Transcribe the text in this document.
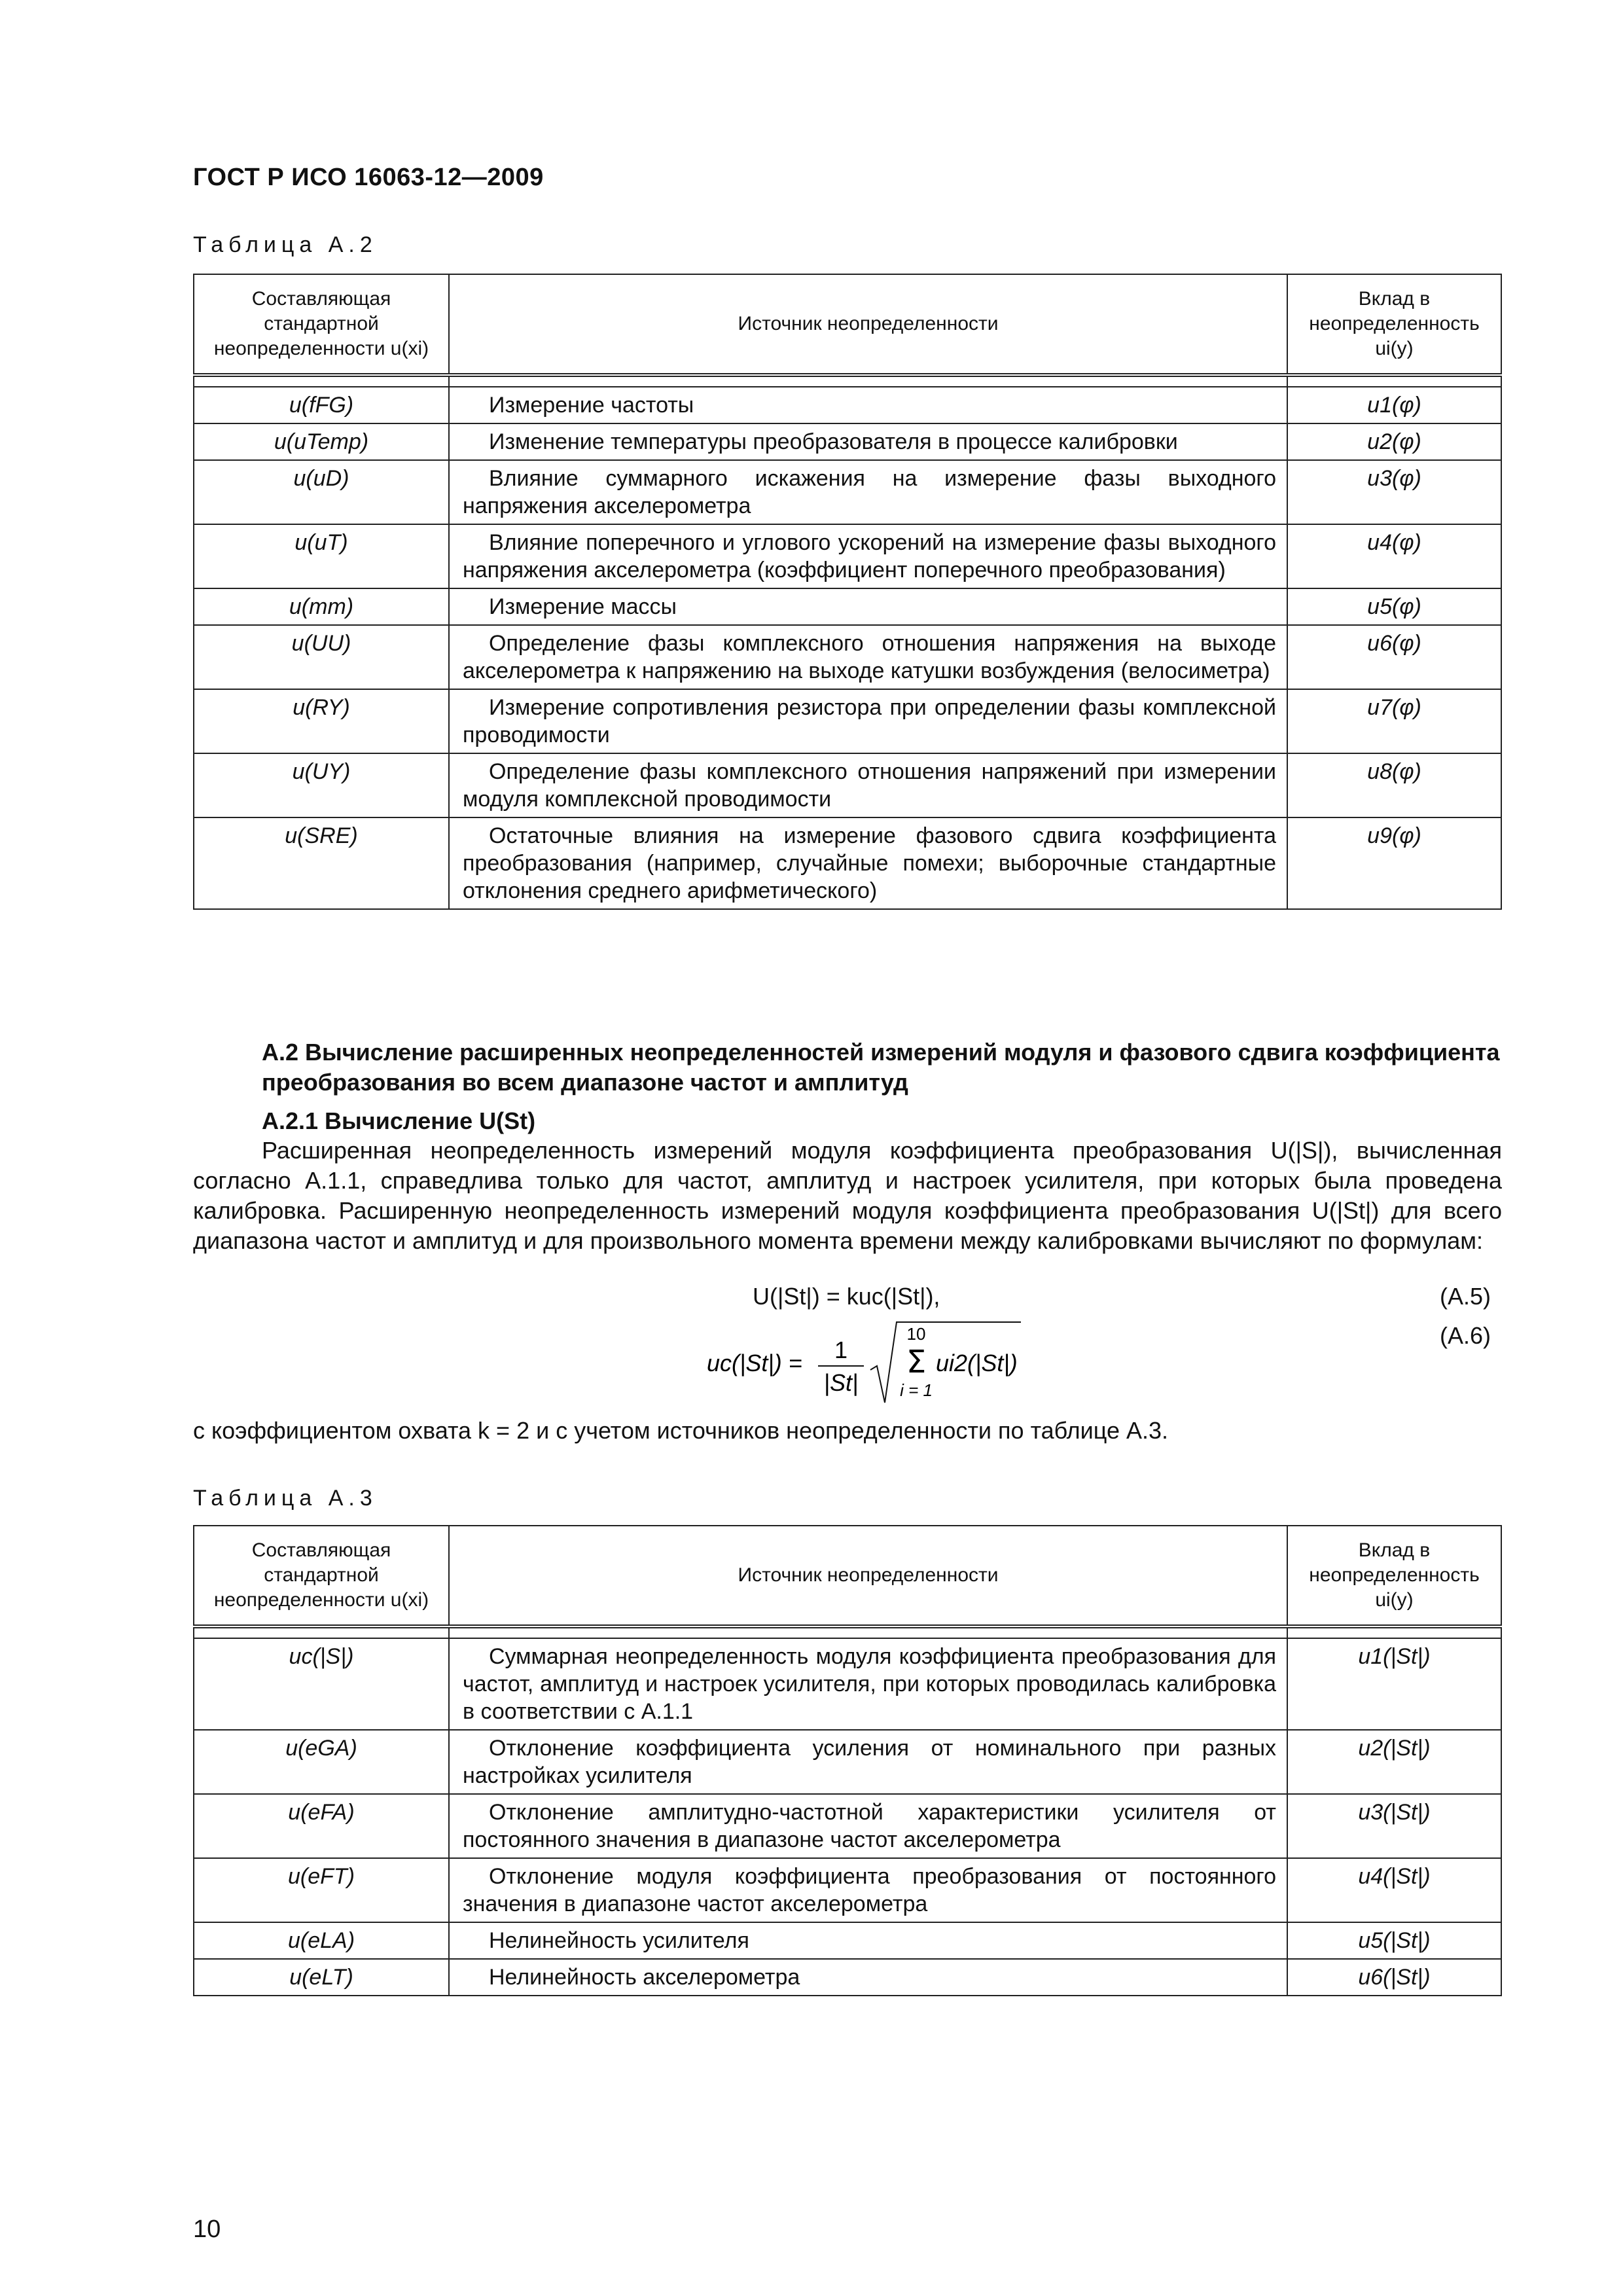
ГОСТ Р ИСО 16063-12—2009
Таблица А.2
Составляющая стандартной неопределенности u(xi)	Источник неопределенности	Вклад в неопределенность ui(y)

u(fFG)	Измерение частоты	u1(φ)
u(uTemp)	Изменение температуры преобразователя в процессе калибровки	u2(φ)
u(uD)	Влияние суммарного искажения на измерение фазы выходного напряжения акселерометра	u3(φ)
u(uT)	Влияние поперечного и углового ускорений на измерение фазы выходного напряжения акселерометра (коэффициент поперечного преобразования)	u4(φ)
u(mm)	Измерение массы	u5(φ)
u(UU)	Определение фазы комплексного отношения напряжения на выходе акселерометра к напряжению на выходе катушки возбуждения (велосиметра)	u6(φ)
u(RY)	Измерение сопротивления резистора при определении фазы комплексной проводимости	u7(φ)
u(UY)	Определение фазы комплексного отношения напряжений при измерении модуля комплексной проводимости	u8(φ)
u(SRE)	Остаточные влияния на измерение фазового сдвига коэффициента преобразования (например, случайные помехи; выборочные стандартные отклонения среднего арифметического)	u9(φ)
А.2 Вычисление расширенных неопределенностей измерений модуля и фазового сдвига коэффициента преобразования во всем диапазоне частот и амплитуд
А.2.1 Вычисление U(St)
Расширенная неопределенность измерений модуля коэффициента преобразования U(|S|), вычисленная согласно А.1.1, справедлива только для частот, амплитуд и настроек усилителя, при которых была проведена калибровка. Расширенную неопределенность измерений модуля коэффициента преобразования U(|St|) для всего диапазона частот и амплитуд и для произвольного момента времени между калибровками вычисляют по формулам:
U(|St|) = kuc(|St|),	(А.5)
(А.6)
uc(|St|) = 1
|St|
10
Σ
i = 1
ui2(|St|)
с коэффициентом охвата k = 2 и с учетом источников неопределенности по таблице А.3.
Таблица А.3
Составляющая стандартной неопределенности u(xi)	Источник неопределенности	Вклад в неопределенность ui(y)

uc(|S|)	Суммарная неопределенность модуля коэффициента преобразования для частот, амплитуд и настроек усилителя, при которых проводилась калибровка в соответствии с А.1.1	u1(|St|)
u(eGA)	Отклонение коэффициента усиления от номинального при разных настройках усилителя	u2(|St|)
u(eFA)	Отклонение амплитудно-частотной характеристики усилителя от постоянного значения в диапазоне частот акселерометра	u3(|St|)
u(eFT)	Отклонение модуля коэффициента преобразования от постоянного значения в диапазоне частот акселерометра	u4(|St|)
u(eLA)	Нелинейность усилителя	u5(|St|)
u(eLT)	Нелинейность акселерометра	u6(|St|)
10
